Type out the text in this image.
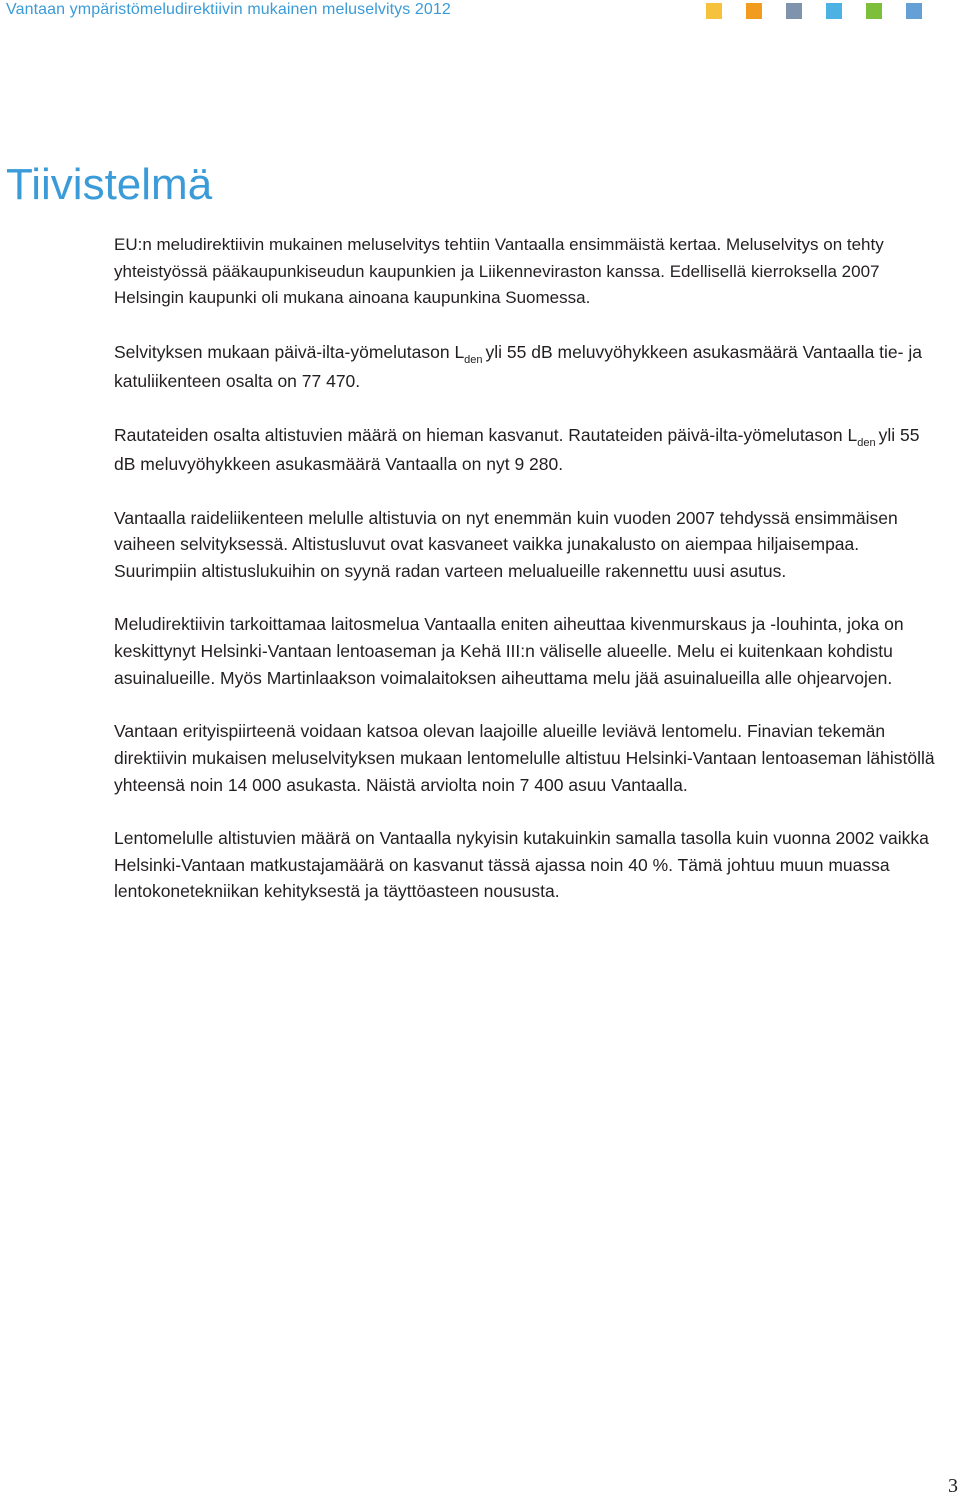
Vantaan ympäristömeludirektiivin mukainen meluselvitys 2012
Tiivistelmä

EU:n meludirektiivin mukainen meluselvitys tehtiin Vantaalla ensimmäistä kertaa. Meluselvitys on tehty yhteistyössä pääkaupunkiseudun kaupunkien ja Liikenneviraston kanssa. Edellisellä kierroksella 2007 Helsingin kaupunki oli mukana ainoana kaupunkina Suomessa.

Selvityksen mukaan päivä-ilta-yömelutason $L_{den}$ yli 55 dB meluvyöhykkeen asukasmäärä Vantaalla tie- ja katuliikenteen osalta on 77 470.

Rautateiden osalta altistuvien määrä on hieman kasvanut. Rautateiden päivä-ilta-yömelutason $L_{den}$ yli 55 dB meluvyöhykkeen asukasmäärä Vantaalla on nyt 9 280.

Vantaalla raideliikenteen melulle altistuvia on nyt enemmän kuin vuoden 2007 tehdyssä ensimmäisen vaiheen selvityksessä. Altistusluvut ovat kasvaneet vaikka junakalusto on aiempaa hiljaisempaa. Suurimpiin altistuslukuihin on syynä radan varteen melualueille rakennettu uusi asutus.

Meludirektiivin tarkoittamaa laitosmelua Vantaalla eniten aiheuttaa kivenmurskaus ja -louhinta, joka on keskittynyt Helsinki-Vantaan lentoaseman ja Kehä III:n väliselle alueelle. Melu ei kuitenkaan kohdistu asuinalueille. Myös Martinlaakson voimalaitoksen aiheuttama melu jää asuinalueilla alle ohjearvojen.

Vantaan erityispiirteenä voidaan katsoa olevan laajoille alueille leviävä lentomelu. Finavian tekemän direktiivin mukaisen meluselvityksen mukaan lentomelulle altistuu Helsinki-Vantaan lentoaseman lähistöllä yhteensä noin 14 000 asukasta. Näistä arviolta noin 7 400 asuu Vantaalla.

Lentomelulle altistuvien määrä on Vantaalla nykyisin kutakuinkin samalla tasolla kuin vuonna 2002 vaikka Helsinki-Vantaan matkustajamäärä on kasvanut tässä ajassa noin 40 %. Tämä johtuu muun muassa lentokonetekniikan kehityksestä ja täyttöasteen noususta.

3
